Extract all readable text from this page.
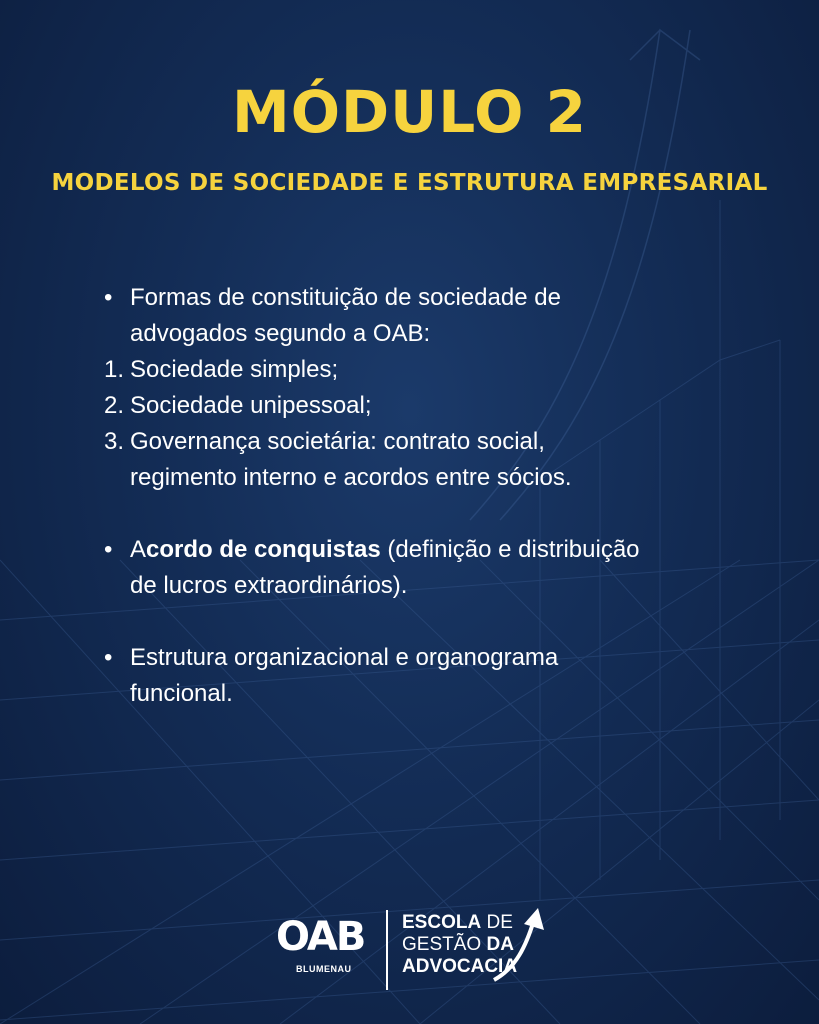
MÓDULO 2
MODELOS DE SOCIEDADE E ESTRUTURA EMPRESARIAL
• Formas de constituição de sociedade de
advogados segundo a OAB:
1. Sociedade simples;
2. Sociedade unipessoal;
3. Governança societária: contrato social,
regimento interno e acordos entre sócios.
• Acordo de conquistas (definição e distribuição
de lucros extraordinários).
• Estrutura organizacional e organograma
funcional.
OAB
BLUMENAU
ESCOLA DE
GESTÃO DA
ADVOCACIA
